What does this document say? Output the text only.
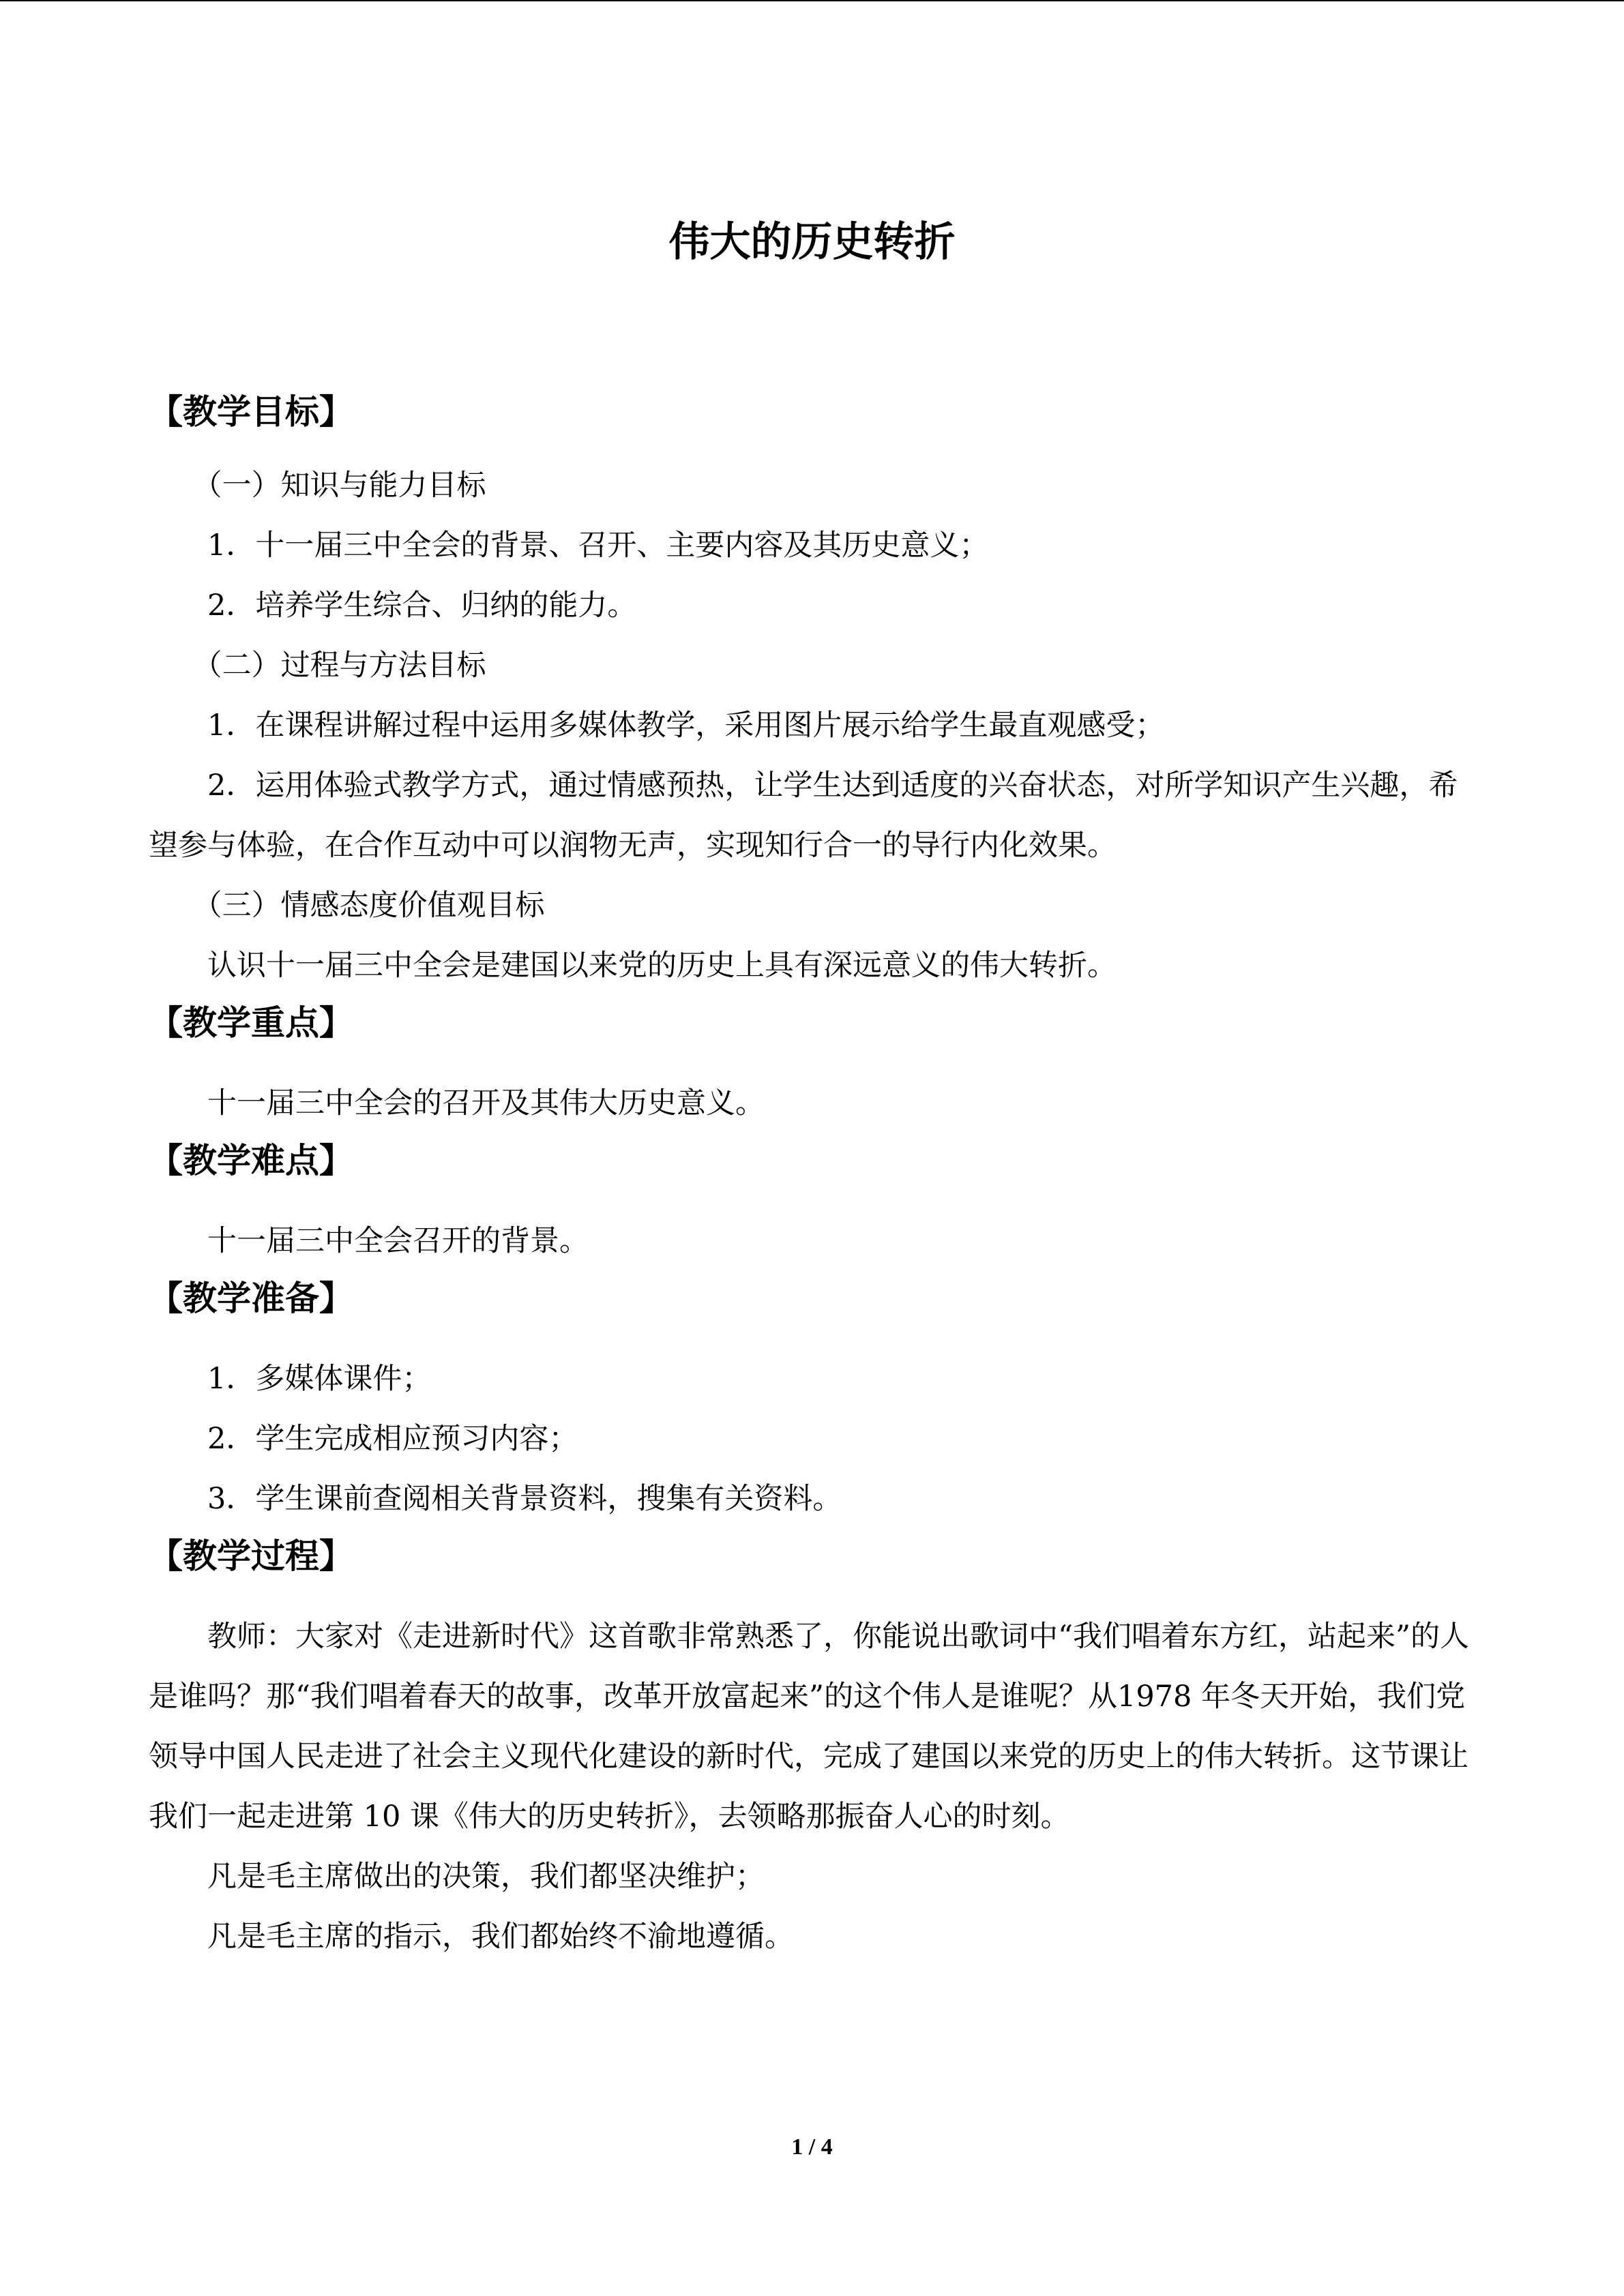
伟大的历史转折
【教学目标】

（一）知识与能力目标

1．十一届三中全会的背景、召开、主要内容及其历史意义；

2．培养学生综合、归纳的能力。

（二）过程与方法目标

1．在课程讲解过程中运用多媒体教学，采用图片展示给学生最直观感受；

2．运用体验式教学方式，通过情感预热，让学生达到适度的兴奋状态，对所学知识产生兴趣，希望参与体验，在合作互动中可以润物无声，实现知行合一的导行内化效果。

（三）情感态度价值观目标

认识十一届三中全会是建国以来党的历史上具有深远意义的伟大转折。

【教学重点】

十一届三中全会的召开及其伟大历史意义。

【教学难点】

十一届三中全会召开的背景。

【教学准备】

1．多媒体课件；

2．学生完成相应预习内容；

3．学生课前查阅相关背景资料，搜集有关资料。

【教学过程】

教师：大家对《走进新时代》这首歌非常熟悉了，你能说出歌词中“我们唱着东方红，站起来”的人是谁吗？那“我们唱着春天的故事，改革开放富起来”的这个伟人是谁呢？从1978 年冬天开始，我们党领导中国人民走进了社会主义现代化建设的新时代，完成了建国以来党的历史上的伟大转折。这节课让我们一起走进第 10 课《伟大的历史转折》，去领略那振奋人心的时刻。

凡是毛主席做出的决策，我们都坚决维护；

凡是毛主席的指示，我们都始终不渝地遵循。

1 / 4
